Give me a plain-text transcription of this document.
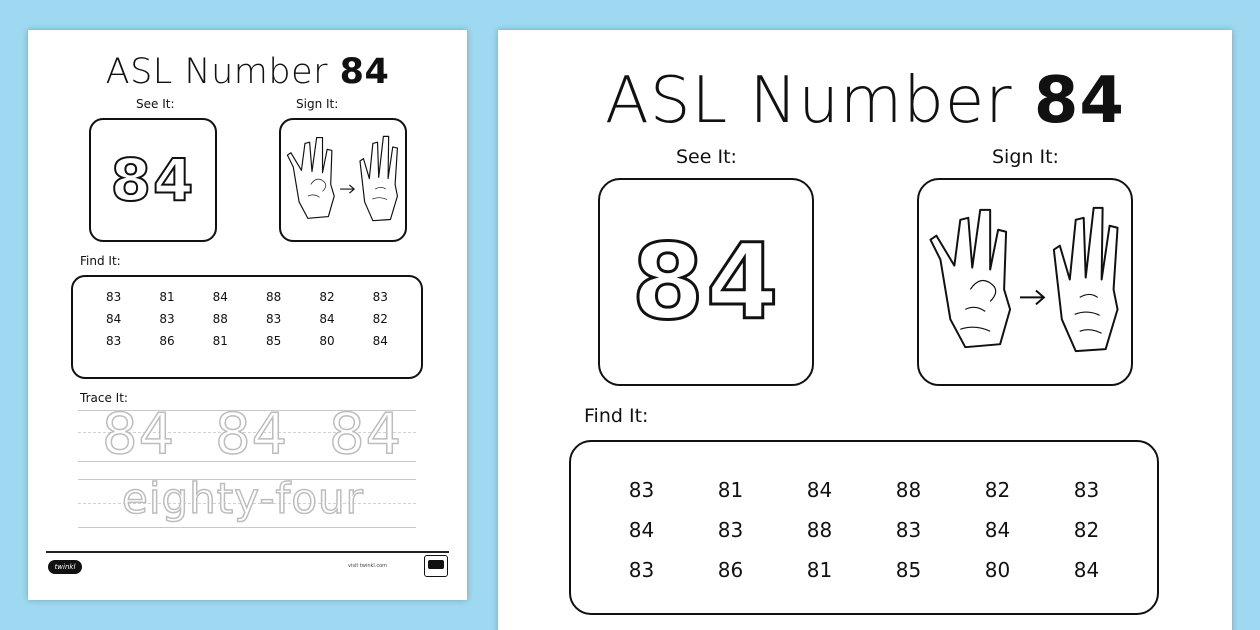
ASL Number 84
See It:	Sign It:
84
Find It:
83	81	84	88	82	83
84	83	88	83	84	82
83	86	81	85	80	84
Trace It:
84 84 84
eighty-four
twinkl	visit twinkl.com
ASL Number 84
See It:	Sign It:
84
Find It:
83	81	84	88	82	83
84	83	88	83	84	82
83	86	81	85	80	84
